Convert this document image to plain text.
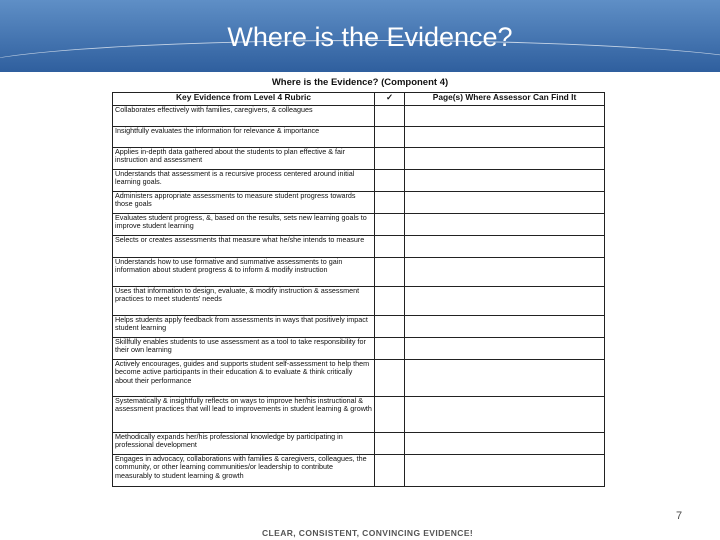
Where is the Evidence?
Where is the Evidence? (Component 4)
Key Evidence from Level 4 Rubric	✓	Page(s) Where Assessor Can Find It
Collaborates effectively with families, caregivers, & colleagues		
Insightfully evaluates the information for relevance & importance		
Applies in-depth data gathered about the students to plan effective & fair instruction and assessment		
Understands that assessment is a recursive process centered around initial learning goals.		
Administers appropriate assessments to measure student progress towards those goals		
Evaluates student progress, &, based on the results, sets new learning goals to improve student learning		
Selects or creates assessments that measure what he/she intends to measure		
Understands how to use formative and summative assessments to gain information about student progress & to inform & modify instruction		
Uses that information to design, evaluate, & modify instruction & assessment practices to meet students' needs		
Helps students apply feedback from assessments in ways that positively impact student learning		
Skillfully enables students to use assessment as a tool to take responsibility for their own learning		
Actively encourages, guides and supports student self-assessment to help them become active participants in their education & to evaluate & think critically about their performance		
Systematically & insightfully reflects on ways to improve her/his instructional & assessment practices that will lead to improvements in student learning & growth		
Methodically expands her/his professional knowledge by participating in professional development		
Engages in advocacy, collaborations with families & caregivers, colleagues, the community, or other learning communities/or leadership to contribute measurably to student learning & growth		
7
CLEAR, CONSISTENT, CONVINCING EVIDENCE!
